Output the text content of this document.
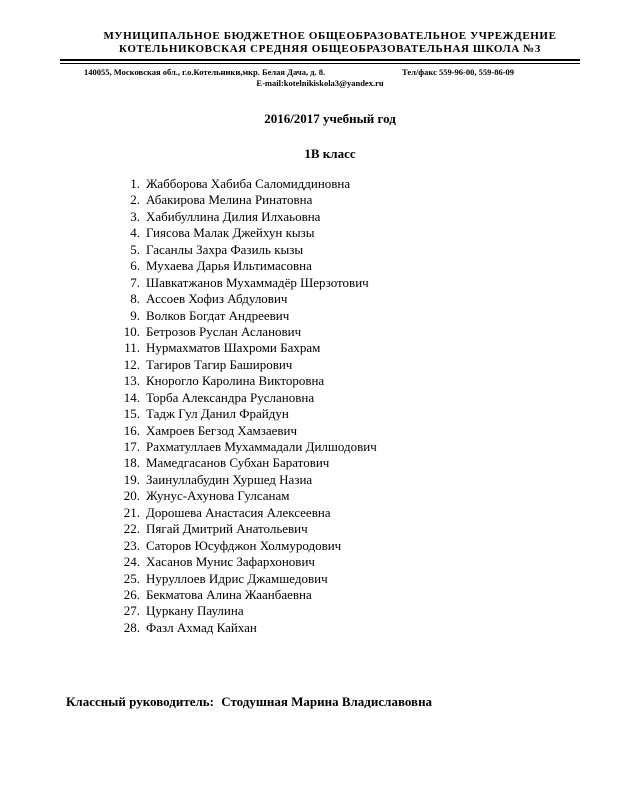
МУНИЦИПАЛЬНОЕ БЮДЖЕТНОЕ ОБЩЕОБРАЗОВАТЕЛЬНОЕ УЧРЕЖДЕНИЕ
КОТЕЛЬНИКОВСКАЯ СРЕДНЯЯ ОБЩЕОБРАЗОВАТЕЛЬНАЯ ШКОЛА №3
140055, Московская обл., г.о.Котельники,мкр. Белая Дача, д. 8.	Тел/факс 559-96-00, 559-86-09
E-mail:kotelnikiskola3@yandex.ru
2016/2017 учебный год
1В класс
1. Жабборова Хабиба Саломиддиновна
2. Абакирова Мелина Ринатовна
3. Хабибуллина Дилия Илхаьовна
4. Гиясова Малак Джейхун кызы
5. Гасанлы Захра Фазиль кызы
6. Мухаева Дарья Ильтимасовна
7. Шавкатжанов Мухаммадёр Шерзотович
8. Ассоев Хофиз Абдулович
9. Волков Богдат Андреевич
10. Бетрозов Руслан Асланович
11. Нурмахматов Шахроми Бахрам
12. Тагиров Тагир Баширович
13. Кнорогло Каролина Викторовна
14. Торба Александра Руслановна
15. Тадж Гул Данил Фрайдун
16. Хамроев Бегзод Хамзаевич
17. Рахматуллаев Мухаммадали Дилшодович
18. Мамедгасанов Субхан Баратович
19. Заинуллабудин Хуршед Назиа
20. Жунус-Ахунова Гулсанам
21. Дорошева Анастасия Алексеевна
22. Пягай Дмитрий Анатольевич
23. Саторов Юсуфджон Холмуродович
24. Хасанов Мунис Зафархонович
25. Нуруллоев Идрис Джамшедович
26. Бекматова Алина Жаанбаевна
27. Цуркану Паулина
28. Фазл Ахмад Кайхан
Классный руководитель: Стодушная Марина Владиславовна
